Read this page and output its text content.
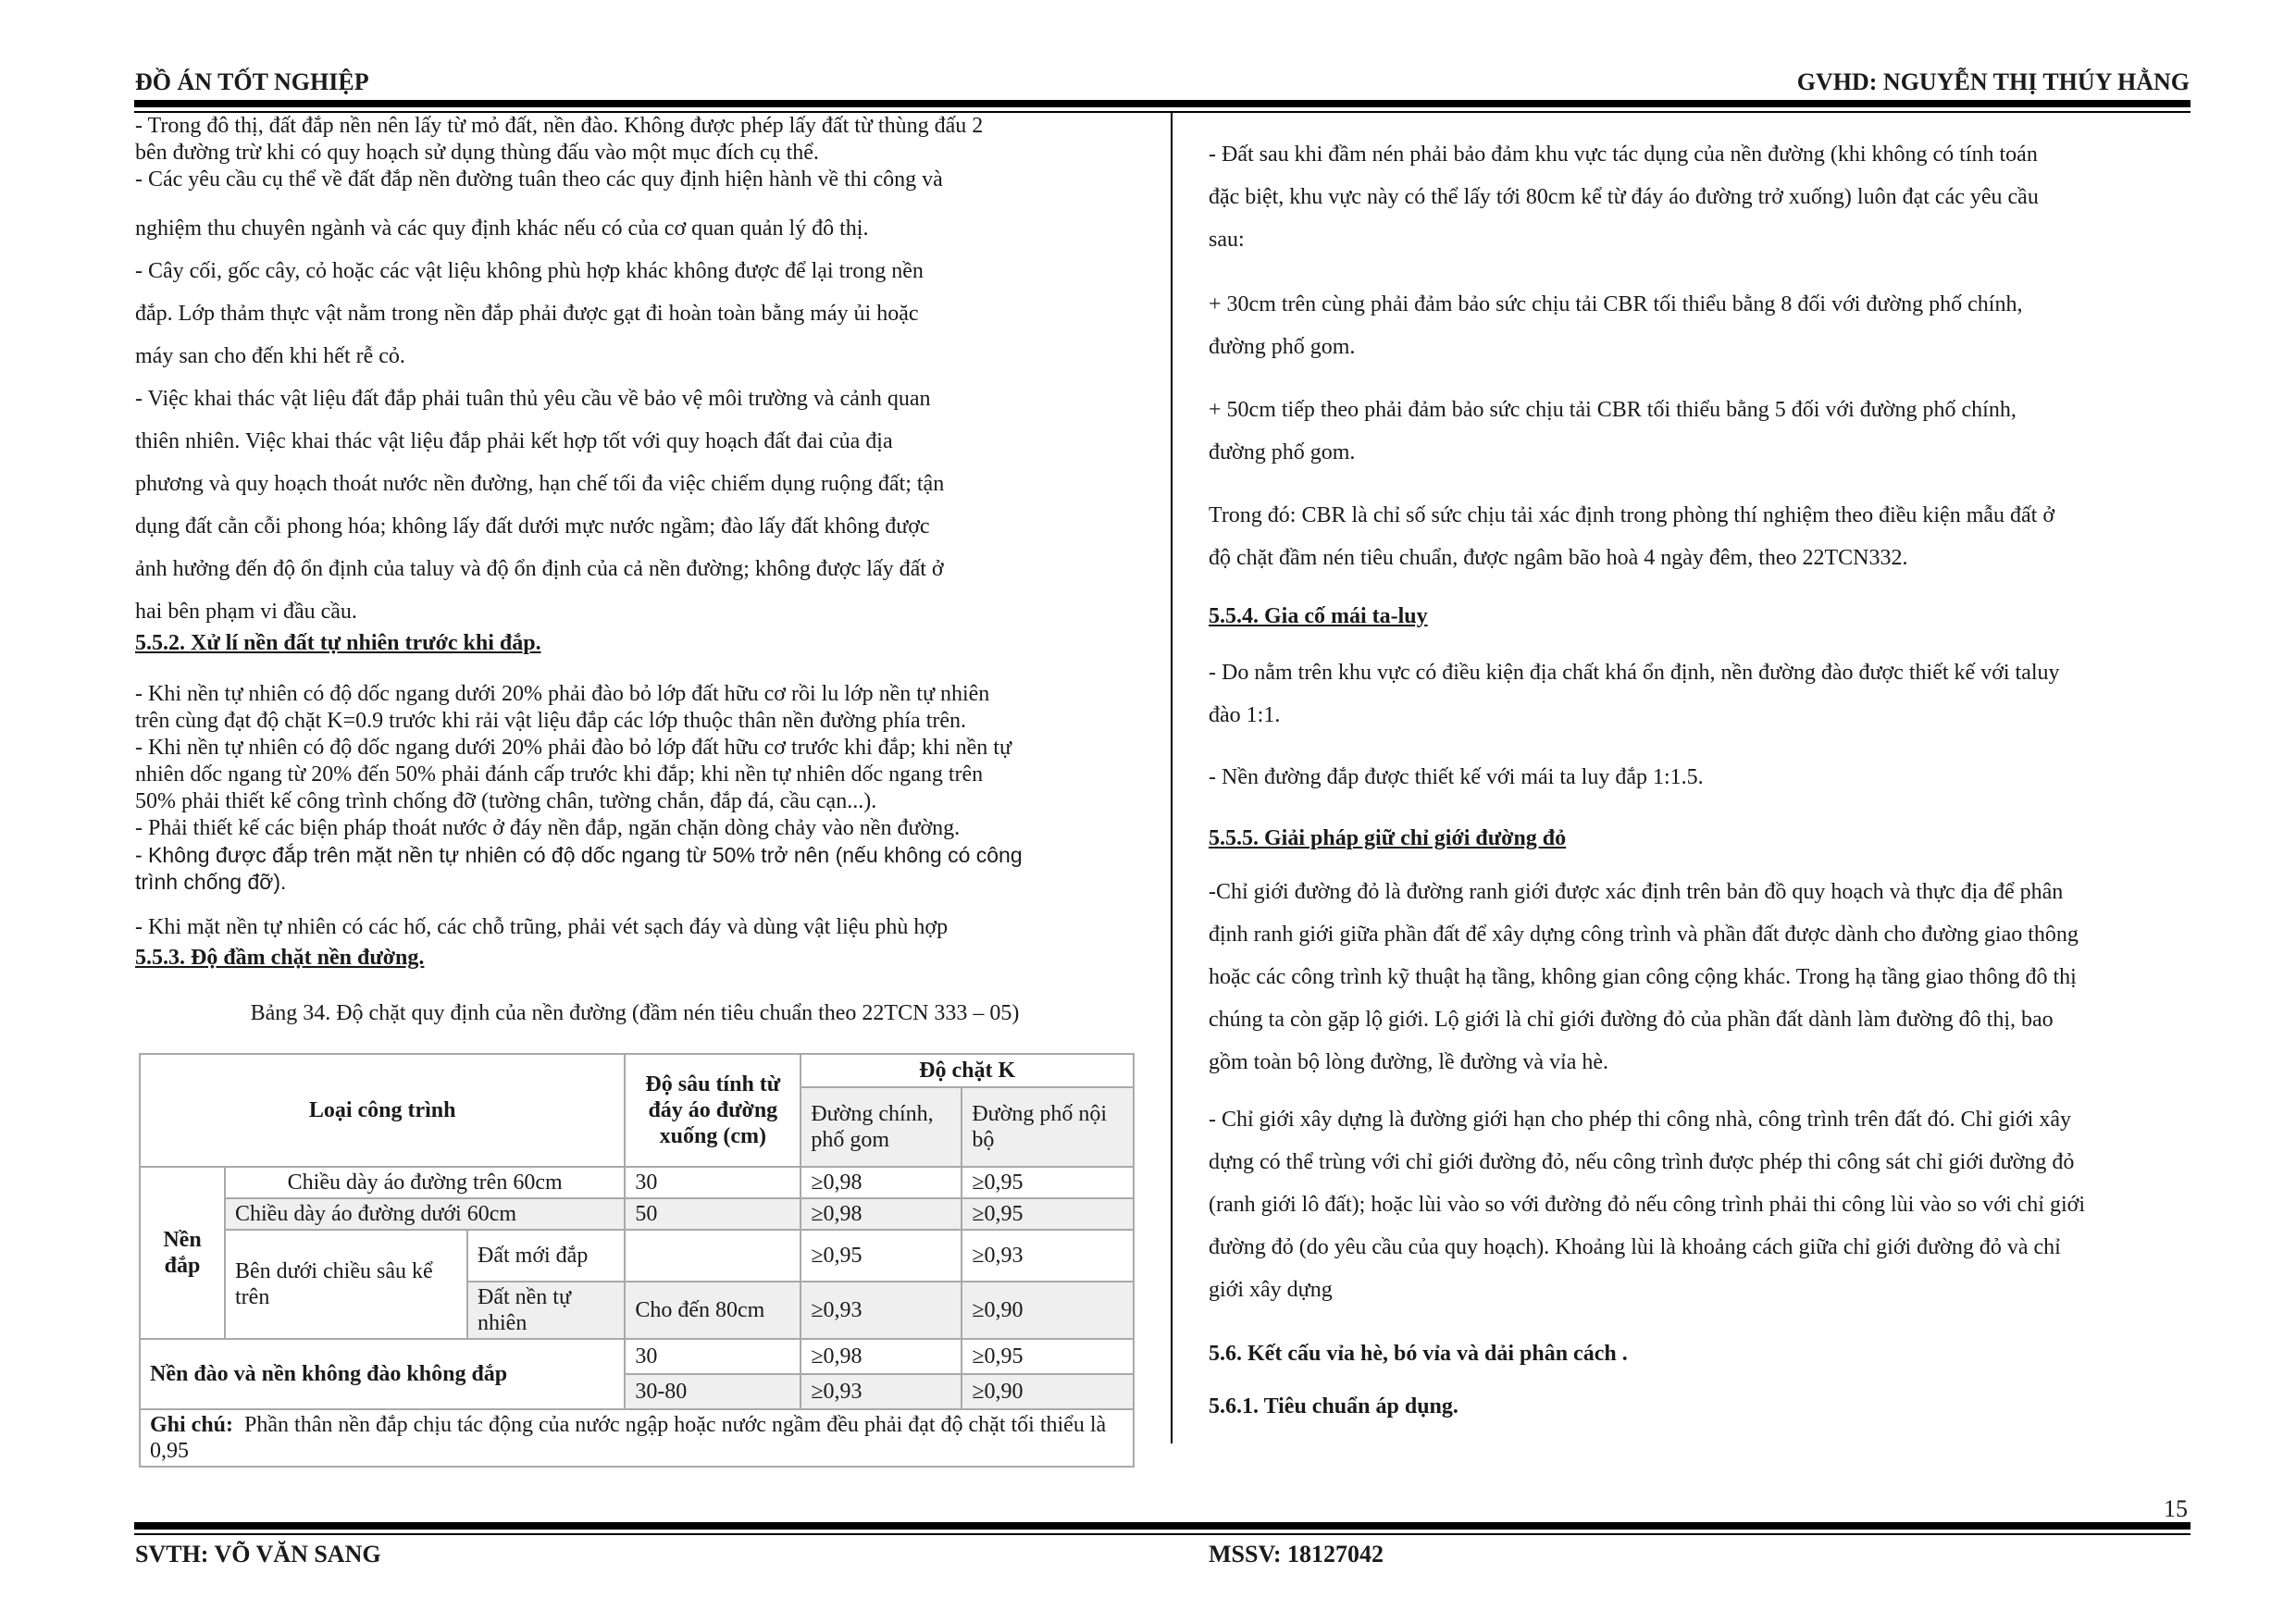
ĐỒ ÁN TỐT NGHIỆP	GVHD: NGUYỄN THỊ THÚY HẰNG

- Trong đô thị, đất đắp nền nên lấy từ mỏ đất, nền đào. Không được phép lấy đất từ thùng đấu 2

bên đường trừ khi có quy hoạch sử dụng thùng đấu vào một mục đích cụ thể.

- Các yêu cầu cụ thể về đất đắp nền đường tuân theo các quy định hiện hành về thi công và

nghiệm thu chuyên ngành và các quy định khác nếu có của cơ quan quản lý đô thị.

- Cây cối, gốc cây, cỏ hoặc các vật liệu không phù hợp khác không được để lại trong nền

đắp. Lớp thảm thực vật nằm trong nền đắp phải được gạt đi hoàn toàn bằng máy ủi hoặc

máy san cho đến khi hết rễ cỏ.

- Việc khai thác vật liệu đất đắp phải tuân thủ yêu cầu về bảo vệ môi trường và cảnh quan

thiên nhiên. Việc khai thác vật liệu đắp phải kết hợp tốt với quy hoạch đất đai của địa

phương và quy hoạch thoát nước nền đường, hạn chế tối đa việc chiếm dụng ruộng đất; tận

dụng đất cằn cỗi phong hóa; không lấy đất dưới mực nước ngầm; đào lấy đất không được

ảnh hưởng đến độ ổn định của taluy và độ ổn định của cả nền đường; không được lấy đất ở

hai bên phạm vi đầu cầu.

5.5.2. Xử lí nền đất tự nhiên trước khi đắp.

- Khi nền tự nhiên có độ dốc ngang dưới 20% phải đào bỏ lớp đất hữu cơ rồi lu lớp nền tự nhiên

trên cùng đạt độ chặt K=0.9 trước khi rải vật liệu đắp các lớp thuộc thân nền đường phía trên.

- Khi nền tự nhiên có độ dốc ngang dưới 20% phải đào bỏ lớp đất hữu cơ trước khi đắp; khi nền tự

nhiên dốc ngang từ 20% đến 50% phải đánh cấp trước khi đắp; khi nền tự nhiên dốc ngang trên

50% phải thiết kế công trình chống đỡ (tường chân, tường chắn, đắp đá, cầu cạn...).

- Phải thiết kế các biện pháp thoát nước ở đáy nền đắp, ngăn chặn dòng chảy vào nền đường.

- Không được đắp trên mặt nền tự nhiên có độ dốc ngang từ 50% trở nên (nếu không có công

trình chống đỡ).

- Khi mặt nền tự nhiên có các hố, các chỗ trũng, phải vét sạch đáy và dùng vật liệu phù hợp

5.5.3. Độ đầm chặt nền đường.
Bảng 34. Độ chặt quy định của nền đường (đầm nén tiêu chuẩn theo 22TCN 333 – 05)
Loại công trình			Độ sâu tính từ đáy áo đường xuống (cm)	Độ chặt K	
				Đường chính, phố gom	Đường phố nội bộ
Nền đắp	Chiều dày áo đường trên 60cm		30	≥0,98	≥0,95
	Chiều dày áo đường dưới 60cm		50	≥0,98	≥0,95
	Bên dưới chiều sâu kể trên	Đất mới đắp		≥0,95	≥0,93
		Đất nền tự nhiên	Cho đến 80cm	≥0,93	≥0,90
Nền đào và nền không đào không đắp			30	≥0,98	≥0,95
			30-80	≥0,93	≥0,90
Ghi chú: Phần thân nền đắp chịu tác động của nước ngập hoặc nước ngầm đều phải đạt độ chặt tối thiểu là 0,95					

- Đất sau khi đầm nén phải bảo đảm khu vực tác dụng của nền đường (khi không có tính toán

đặc biệt, khu vực này có thể lấy tới 80cm kể từ đáy áo đường trở xuống) luôn đạt các yêu cầu

sau:

+ 30cm trên cùng phải đảm bảo sức chịu tải CBR tối thiểu bằng 8 đối với đường phố chính,

đường phố gom.

+ 50cm tiếp theo phải đảm bảo sức chịu tải CBR tối thiểu bằng 5 đối với đường phố chính,

đường phố gom.

Trong đó: CBR là chỉ số sức chịu tải xác định trong phòng thí nghiệm theo điều kiện mẫu đất ở

độ chặt đầm nén tiêu chuẩn, được ngâm bão hoà 4 ngày đêm, theo 22TCN332.

5.5.4. Gia cố mái ta-luy

- Do nằm trên khu vực có điều kiện địa chất khá ổn định, nền đường đào được thiết kế với taluy

đào 1:1.

- Nền đường đắp được thiết kế với mái ta luy đắp 1:1.5.

5.5.5. Giải pháp giữ chỉ giới đường đỏ

-Chỉ giới đường đỏ là đường ranh giới được xác định trên bản đồ quy hoạch và thực địa để phân

định ranh giới giữa phần đất để xây dựng công trình và phần đất được dành cho đường giao thông

hoặc các công trình kỹ thuật hạ tầng, không gian công cộng khác. Trong hạ tầng giao thông đô thị

chúng ta còn gặp lộ giới. Lộ giới là chỉ giới đường đỏ của phần đất dành làm đường đô thị, bao

gồm toàn bộ lòng đường, lề đường và vỉa hè.

- Chỉ giới xây dựng là đường giới hạn cho phép thi công nhà, công trình trên đất đó. Chỉ giới xây

dựng có thể trùng với chỉ giới đường đỏ, nếu công trình được phép thi công sát chỉ giới đường đỏ

(ranh giới lô đất); hoặc lùi vào so với đường đỏ nếu công trình phải thi công lùi vào so với chỉ giới

đường đỏ (do yêu cầu của quy hoạch). Khoảng lùi là khoảng cách giữa chỉ giới đường đỏ và chỉ

giới xây dựng

5.6. Kết cấu vỉa hè, bó vỉa và dải phân cách .
5.6.1. Tiêu chuẩn áp dụng.
15
SVTH: VÕ VĂN SANG	MSSV: 18127042
